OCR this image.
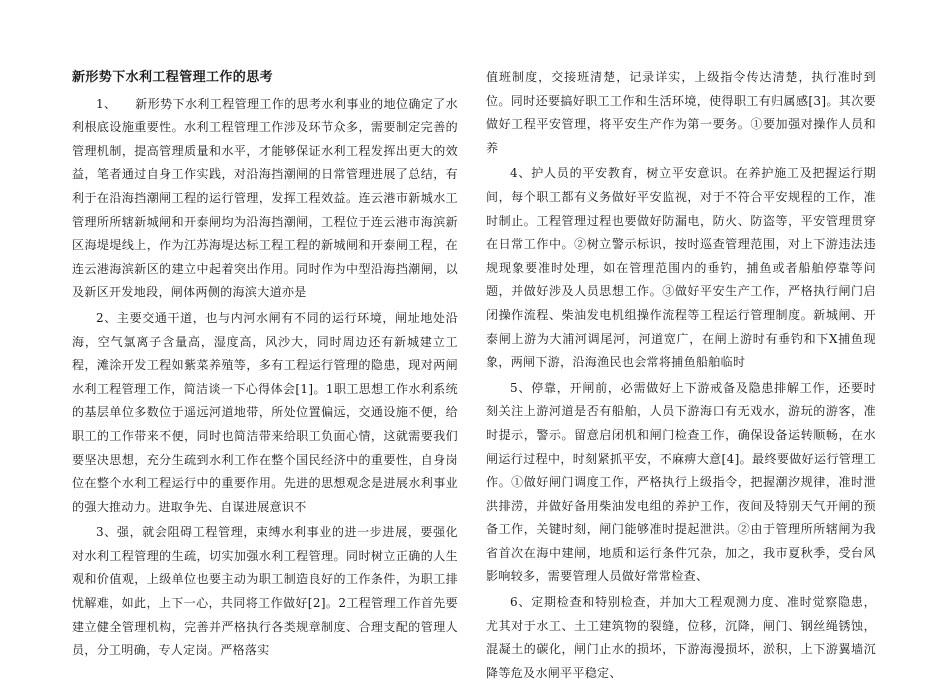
新形势下水利工程管理工作的思考

1、　　新形势下水利工程管理工作的思考水利事业的地位确定了水利根底设施重要性。水利工程管理工作涉及环节众多，需要制定完善的管理机制，提高管理质量和水平，才能够保证水利工程发挥出更大的效益，笔者通过自身工作实践，对沿海挡潮闸的日常管理进展了总结，有利于在沿海挡潮闸工程的运行管理，发挥工程效益。连云港市新城水工管理所所辖新城闸和开泰闸均为沿海挡潮闸，工程位于连云港市海滨新区海堤堤线上，作为江苏海堤达标工程工程的新城闸和开泰闸工程，在连云港海滨新区的建立中起着突出作用。同时作为中型沿海挡潮闸，以及新区开发地段，闸体两侧的海滨大道亦是

2、主要交通干道，也与内河水闸有不同的运行环境，闸址地处沿海，空气氯离子含量高，湿度高，风沙大，同时周边还有新城建立工程，滩涂开发工程如紫菜养殖等，多有工程运行管理的隐患，现对两闸水利工程管理工作，简洁谈一下心得体会[1]。1职工思想工作水利系统的基层单位多数位于遥远河道地带，所处位置偏远，交通设施不便，给职工的工作带来不便，同时也简洁带来给职工负面心情，这就需要我们要坚决思想，充分生疏到水利工作在整个国民经济中的重要性，自身岗位在整个水利工程运行中的重要作用。先进的思想观念是进展水利事业的强大推动力。进取争先、自谋进展意识不

3、强，就会阻碍工程管理，束缚水利事业的进一步进展，要强化对水利工程管理的生疏，切实加强水利工程管理。同时树立正确的人生观和价值观，上级单位也要主动为职工制造良好的工作条件，为职工排忧解难，如此，上下一心，共同将工作做好[2]。2工程管理工作首先要建立健全管理机构，完善并严格执行各类规章制度、合理支配的管理人员，分工明确，专人定岗。严格落实

值班制度，交接班清楚，记录详实，上级指令传达清楚，执行准时到位。同时还要搞好职工工作和生活环境，使得职工有归属感[3]。其次要做好工程平安管理，将平安生产作为第一要务。①要加强对操作人员和养

4、护人员的平安教育，树立平安意识。在养护施工及把握运行期间，每个职工都有义务做好平安监视，对于不符合平安规程的工作，准时制止。工程管理过程也要做好防漏电，防火、防盗等，平安管理贯穿在日常工作中。②树立警示标识，按时巡查管理范围，对上下游违法违规现象要准时处理，如在管理范围内的垂钓，捕鱼或者船舶停靠等问题，并做好涉及人员思想工作。③做好平安生产工作，严格执行闸门启闭操作流程、柴油发电机组操作流程等工程运行管理制度。新城闸、开泰闸上游为大浦河调尾河，河道宽广，在闸上游时有垂钓和下X捕鱼现象，两闸下游，沿海渔民也会常将捕鱼船舶临时

5、停靠，开闸前，必需做好上下游戒备及隐患排解工作，还要时刻关注上游河道是否有船舶，人员下游海口有无戏水，游玩的游客，准时提示，警示。留意启闭机和闸门检查工作，确保设备运转顺畅，在水闸运行过程中，时刻紧抓平安，不麻痹大意[4]。最终要做好运行管理工作。①做好闸门调度工作，严格执行上级指令，把握潮汐规律，准时泄洪排涝，并做好备用柴油发电组的养护工作，夜间及特别天气开闸的预备工作，关键时刻，闸门能够准时提起泄洪。②由于管理所所辖闸为我省首次在海中建闸，地质和运行条件冗杂，加之，我市夏秋季，受台风影响较多，需要管理人员做好常常检查、

6、定期检查和特别检查，并加大工程观测力度、准时觉察隐患，尤其对于水工、土工建筑物的裂缝，位移，沉降，闸门、钢丝绳锈蚀，混凝土的碳化，闸门止水的损坏，下游海漫损坏，淤积，上下游翼墙沉降等危及水闸平平稳定、
